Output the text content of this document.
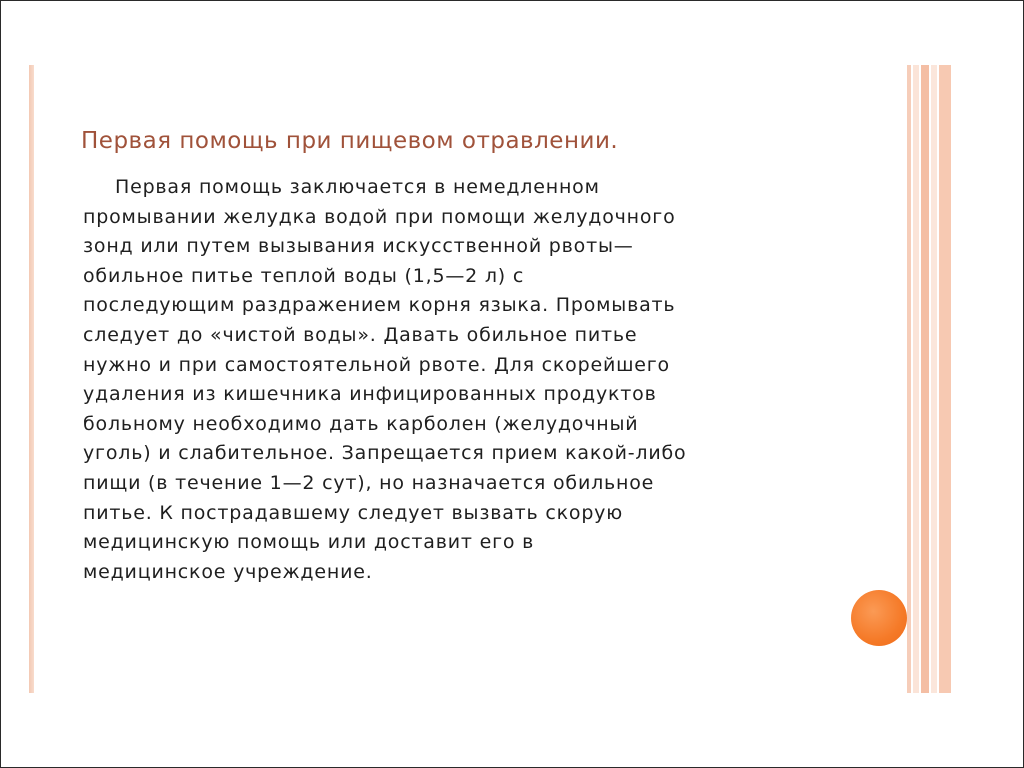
Первая помощь при пищевом отравлении.
Первая помощь заключается в немедленном
промывании желудка водой при помощи желудочного
зонд или путем вызывания искусственной рвоты—
обильное питье теплой воды (1,5—2 л) с
последующим раздражением корня языка. Промывать
следует до «чистой воды». Давать обильное питье
нужно и при самостоятельной рвоте. Для скорейшего
удаления из кишечника инфицированных продуктов
больному необходимо дать карболен (желудочный
уголь) и слабительное. Запрещается прием какой-либо
пищи (в течение 1—2 сут), но назначается обильное
питье. К пострадавшему следует вызвать скорую
медицинскую помощь или доставит его в
медицинское учреждение.
